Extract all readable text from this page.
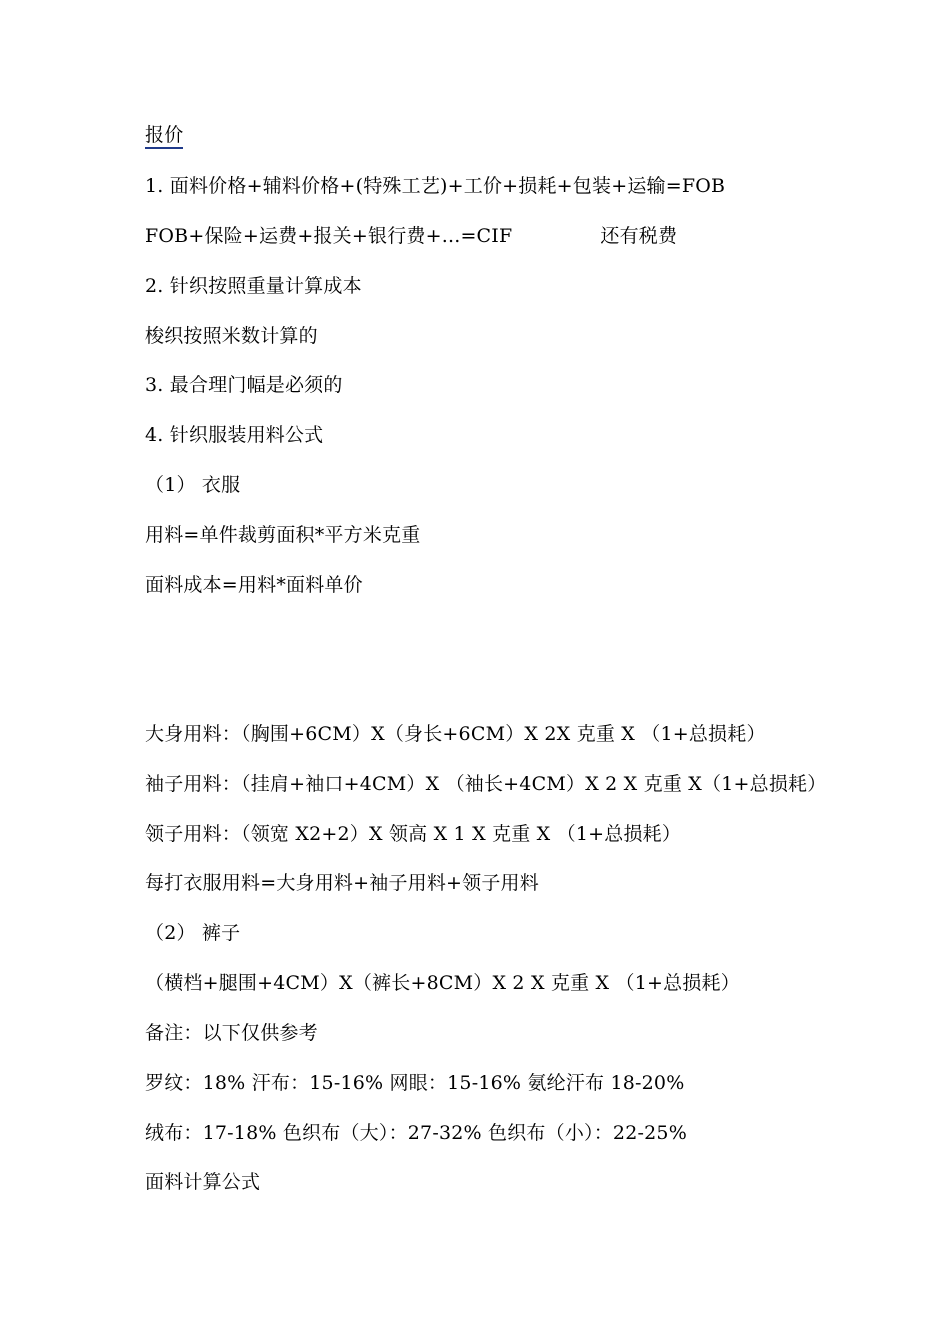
报价
1. 面料价格+辅料价格+(特殊工艺)+工价+损耗+包装+运输=FOB
FOB+保险+运费+报关+银行费+...=CIF	还有税费
2. 针织按照重量计算成本
梭织按照米数计算的
3. 最合理门幅是必须的
4. 针织服装用料公式
（1） 衣服
用料=单件裁剪面积*平方米克重
面料成本=用料*面料单价
大身用料：（胸围+6CM）X（身长+6CM）X 2X 克重 X （1+总损耗）
袖子用料：（挂肩+袖口+4CM）X （袖长+4CM）X 2 X 克重 X（1+总损耗）
领子用料：（领宽 X2+2）X 领高 X 1 X 克重 X （1+总损耗）
每打衣服用料=大身用料+袖子用料+领子用料
（2） 裤子
（横档+腿围+4CM）X（裤长+8CM）X 2 X 克重 X （1+总损耗）
备注：以下仅供参考
罗纹：18% 汗布：15-16% 网眼：15-16% 氨纶汗布 18-20%
绒布：17-18% 色织布（大）：27-32% 色织布（小）：22-25%
面料计算公式
